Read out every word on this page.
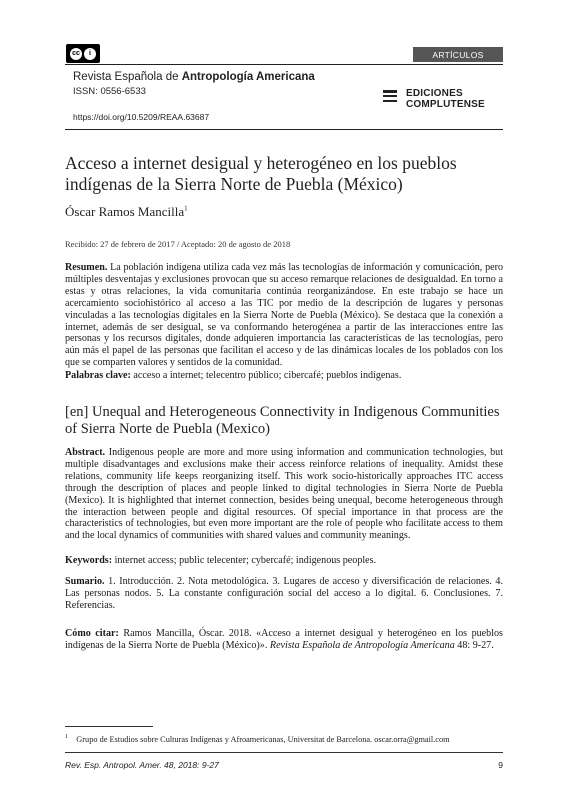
cc	i	ARTÍCULOS
Revista Española de Antropología Americana
ISSN: 0556-6533
https://doi.org/10.5209/REAA.63687
EDICIONES
COMPLUTENSE
Acceso a internet desigual y heterogéneo en los pueblos indígenas de la Sierra Norte de Puebla (México)
Óscar Ramos Mancilla$^1$
Recibido: 27 de febrero de 2017 / Aceptado: 20 de agosto de 2018
Resumen. La población indígena utiliza cada vez más las tecnologías de información y comunicación, pero múltiples desventajas y exclusiones provocan que su acceso remarque relaciones de desigualdad. En torno a estas y otras relaciones, la vida comunitaria continúa reorganizándose. En este trabajo se hace un acercamiento sociohistórico al acceso a las TIC por medio de la descripción de lugares y personas vinculadas a las tecnologías digitales en la Sierra Norte de Puebla (México). Se destaca que la conexión a internet, además de ser desigual, se va conformando heterogénea a partir de las interacciones entre las personas y los recursos digitales, donde adquieren importancia las características de las tecnologías, pero aún más el papel de las personas que facilitan el acceso y de las dinámicas locales de los poblados con los que se comparten valores y sentidos de la comunidad.
Palabras clave: acceso a internet; telecentro público; cibercafé; pueblos indígenas.
[en] Unequal and Heterogeneous Connectivity in Indigenous Communities of Sierra Norte de Puebla (Mexico)
Abstract. Indigenous people are more and more using information and communication technologies, but multiple disadvantages and exclusions make their access reinforce relations of inequality. Amidst these relations, community life keeps reorganizing itself. This work socio-historically approaches ITC access through the description of places and people linked to digital technologies in Sierra Norte de Puebla (Mexico). It is highlighted that internet connection, besides being unequal, become heterogeneous through the interaction between people and digital resources. Of special importance in that process are the characteristics of technologies, but even more important are the role of people who facilitate access to them and the local dynamics of communities with shared values and community meanings.
Keywords: internet access; public telecenter; cybercafé; indigenous peoples.
Sumario. 1. Introducción. 2. Nota metodológica. 3. Lugares de acceso y diversificación de relaciones. 4. Las personas nodos. 5. La constante configuración social del acceso a lo digital. 6. Conclusiones. 7. Referencias.
Cómo citar: Ramos Mancilla, Óscar. 2018. «Acceso a internet desigual y heterogéneo en los pueblos indígenas de la Sierra Norte de Puebla (México)». Revista Española de Antropología Americana 48: 9-27.
$^1$ Grupo de Estudios sobre Culturas Indígenas y Afroamericanas, Universitat de Barcelona. oscar.orra@gmail.com
Rev. Esp. Antropol. Amer. 48, 2018: 9-27	9
